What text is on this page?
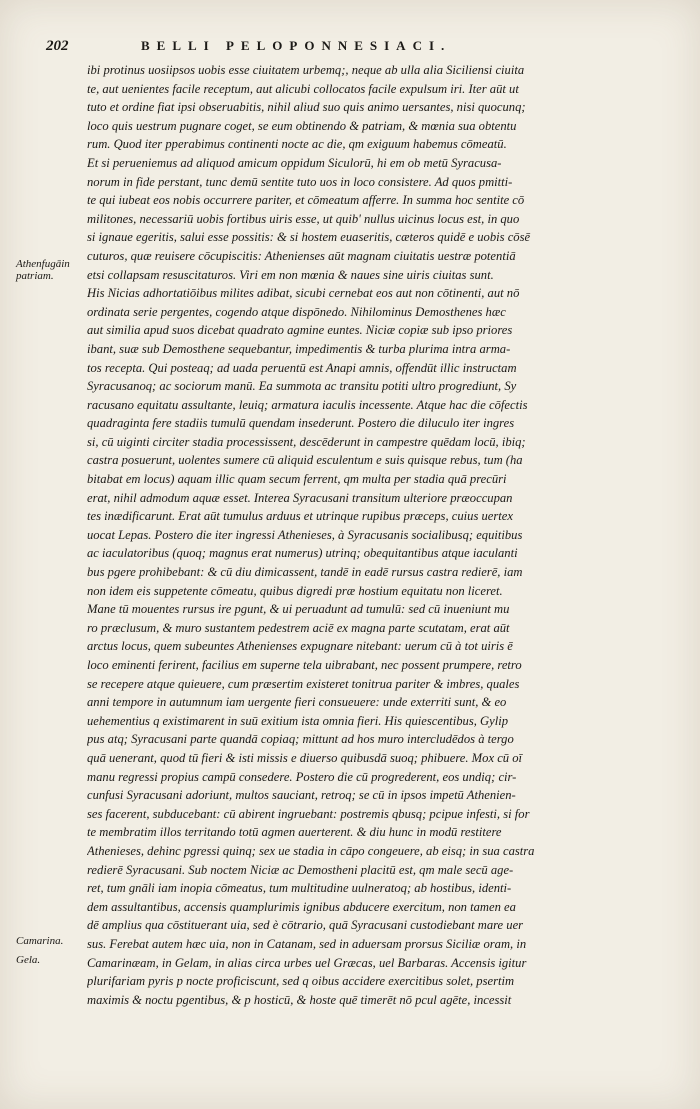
202	BELLI PELOPONNESIACI.
Athenfugāin patriam.
Camarina.
Gela.
ibi protinus uosiipsos uobis esse ciuitatem urbemq;, neque ab ulla alia Siciliensi ciuita
te, aut uenientes facile receptum, aut alicubi collocatos facile expulsum iri. Iter aūt ut
tuto et ordine fiat ipsi obseruabitis, nihil aliud suo quis animo uersantes, nisi quocunq;
loco quis uestrum pugnare coget, se eum obtinendo & patriam, & mœnia sua obtentu
rum. Quod iter pperabimus continenti nocte ac die, qm exiguum habemus cōmeatū.
Et si perueniemus ad aliquod amicum oppidum Siculorū, hi em ob metū Syracusa-
norum in fide perstant, tunc demū sentite tuto uos in loco consistere. Ad quos pmitti-
te qui iubeat eos nobis occurrere pariter, et cōmeatum afferre. In summa hoc sentite cō
militones, necessariū uobis fortibus uiris esse, ut quib' nullus uicinus locus est, in quo
si ignaue egeritis, salui esse possitis: & si hostem euaseritis, cæteros quidē e uobis cōsē
cuturos, quæ reuisere cōcupiscitis: Athenienses aūt magnam ciuitatis uestræ potentiā
etsi collapsam resuscitaturos. Viri em non mœnia & naues sine uiris ciuitas sunt.
His Nicias adhortatiōibus milites adibat, sicubi cernebat eos aut non cōtinenti, aut nō
ordinata serie pergentes, cogendo atque dispōnedo. Nihilominus Demosthenes hæc
aut similia apud suos dicebat quadrato agmine euntes. Niciæ copiæ sub ipso priores
ibant, suæ sub Demosthene sequebantur, impedimentis & turba plurima intra arma-
tos recepta. Qui posteaq; ad uada peruentū est Anapi amnis, offendūt illic instructam
Syracusanoq; ac sociorum manū. Ea summota ac transitu potiti ultro progrediunt, Sy
racusano equitatu assultante, leuiq; armatura iaculis incessente. Atque hac die cōfectis
quadraginta fere stadiis tumulū quendam insederunt. Postero die diluculo iter ingres
si, cū uiginti circiter stadia processissent, descēderunt in campestre quēdam locū, ibiq;
castra posuerunt, uolentes sumere cū aliquid esculentum e suis quisque rebus, tum (ha
bitabat em locus) aquam illic quam secum ferrent, qm multa per stadia quā precūri
erat, nihil admodum aquæ esset. Interea Syracusani transitum ulteriore præoccupan
tes inædificarunt. Erat aūt tumulus arduus et utrinque rupibus præceps, cuius uertex
uocat Lepas. Postero die iter ingressi Athenieses, à Syracusanis socialibusq; equitibus
ac iaculatoribus (quoq; magnus erat numerus) utrinq; obequitantibus atque iaculanti
bus pgere prohibebant: & cū diu dimicassent, tandē in eadē rursus castra redierē, iam
non idem eis suppetente cōmeatu, quibus digredi præ hostium equitatu non liceret.
Mane tū mouentes rursus ire pgunt, & ui peruadunt ad tumulū: sed cū inueniunt mu
ro præclusum, & muro sustantem pedestrem aciē ex magna parte scutatam, erat aūt
arctus locus, quem subeuntes Athenienses expugnare nitebant: uerum cū à tot uiris ē
loco eminenti ferirent, facilius em superne tela uibrabant, nec possent prumpere, retro
se recepere atque quieuere, cum præsertim existeret tonitrua pariter & imbres, quales
anni tempore in autumnum iam uergente fieri consueuere: unde exterriti sunt, & eo
uehementius q existimarent in suū exitium ista omnia fieri. His quiescentibus, Gylip
pus atq; Syracusani parte quandā copiaq; mittunt ad hos muro intercludēdos à tergo
quā uenerant, quod tū fieri & isti missis e diuerso quibusdā suoq; phibuere. Mox cū oī
manu regressi propius campū consedere. Postero die cū progrederent, eos undiq; cir-
cunfusi Syracusani adoriunt, multos sauciant, retroq; se cū in ipsos impetū Athenien-
ses facerent, subducebant: cū abirent ingruebant: postremis qbusq; pcipue infesti, si for
te membratim illos territando totū agmen auerterent. & diu hunc in modū restitere
Athenieses, dehinc pgressi quinq; sex ue stadia in cāpo congeuere, ab eisq; in sua castra
redierē Syracusani. Sub noctem Niciæ ac Demostheni placitū est, qm male secū age-
ret, tum gnāli iam inopia cōmeatus, tum multitudine uulneratoq; ab hostibus, identi-
dem assultantibus, accensis quamplurimis ignibus abducere exercitum, non tamen ea
dē amplius qua cōstituerant uia, sed è cōtrario, quā Syracusani custodiebant mare uer
sus. Ferebat autem hæc uia, non in Catanam, sed in aduersam prorsus Siciliæ oram, in
Camarinæam, in Gelam, in alias circa urbes uel Græcas, uel Barbaras. Accensis igitur
plurifariam pyris p nocte proficiscunt, sed q oibus accidere exercitibus solet, psertim
maximis & noctu pgentibus, & p hosticū, & hoste quē timerēt nō pcul agēte, incessit
